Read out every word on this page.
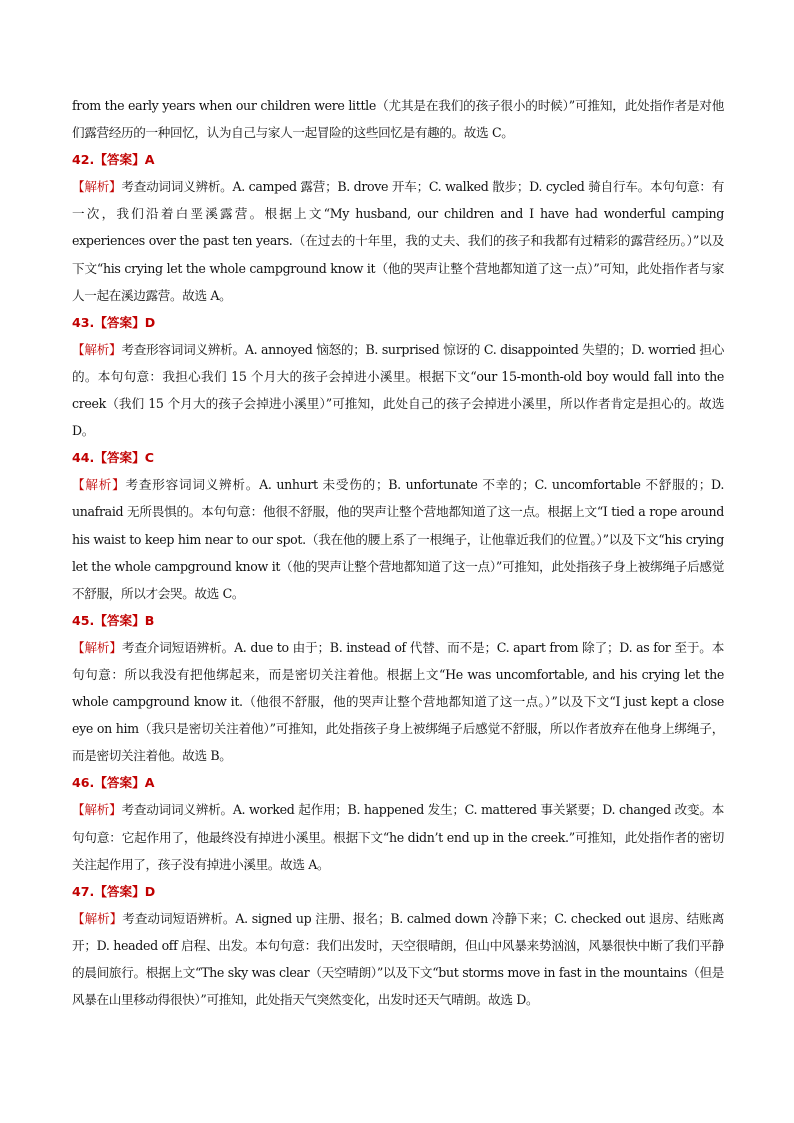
from the early years when our children were little（尤其是在我们的孩子很小的时候）”可推知，此处指作者是对他们露营经历的一种回忆，认为自己与家人一起冒险的这些回忆是有趣的。故选 C。

42.【答案】A

【解析】考查动词词义辨析。A. camped 露营；B. drove 开车；C. walked 散步；D. cycled 骑自行车。本句句意：有一次，我们沿着白垩溪露营。根据上文“My husband, our children and I have had wonderful camping experiences over the past ten years.（在过去的十年里，我的丈夫、我们的孩子和我都有过精彩的露营经历。）”以及下文“his crying let the whole campground know it（他的哭声让整个营地都知道了这一点）”可知，此处指作者与家人一起在溪边露营。故选 A。

43.【答案】D

【解析】考查形容词词义辨析。A. annoyed 恼怒的；B. surprised 惊讶的 C. disappointed 失望的；D. worried 担心的。本句句意：我担心我们 15 个月大的孩子会掉进小溪里。根据下文“our 15-month-old boy would fall into the creek（我们 15 个月大的孩子会掉进小溪里）”可推知，此处自己的孩子会掉进小溪里，所以作者肯定是担心的。故选 D。

44.【答案】C

【解析】考查形容词词义辨析。A. unhurt 未受伤的；B. unfortunate 不幸的；C. uncomfortable 不舒服的；D. unafraid 无所畏惧的。本句句意：他很不舒服，他的哭声让整个营地都知道了这一点。根据上文“I tied a rope around his waist to keep him near to our spot.（我在他的腰上系了一根绳子，让他靠近我们的位置。）”以及下文“his crying let the whole campground know it（他的哭声让整个营地都知道了这一点）”可推知，此处指孩子身上被绑绳子后感觉不舒服，所以才会哭。故选 C。

45.【答案】B

【解析】考查介词短语辨析。A. due to 由于；B. instead of 代替、而不是；C. apart from 除了；D. as for 至于。本句句意：所以我没有把他绑起来，而是密切关注着他。根据上文“He was uncomfortable, and his crying let the whole campground know it.（他很不舒服，他的哭声让整个营地都知道了这一点。）”以及下文“I just kept a close eye on him（我只是密切关注着他）”可推知，此处指孩子身上被绑绳子后感觉不舒服，所以作者放弃在他身上绑绳子，而是密切关注着他。故选 B。

46.【答案】A

【解析】考查动词词义辨析。A. worked 起作用；B. happened 发生；C. mattered 事关紧要；D. changed 改变。本句句意：它起作用了，他最终没有掉进小溪里。根据下文“he didn’t end up in the creek.”可推知，此处指作者的密切关注起作用了，孩子没有掉进小溪里。故选 A。

47.【答案】D

【解析】考查动词短语辨析。A. signed up 注册、报名；B. calmed down 冷静下来；C. checked out 退房、结账离开；D. headed off 启程、出发。本句句意：我们出发时，天空很晴朗，但山中风暴来势汹汹，风暴很快中断了我们平静的晨间旅行。根据上文“The sky was clear（天空晴朗）”以及下文“but storms move in fast in the mountains（但是风暴在山里移动得很快）”可推知，此处指天气突然变化，出发时还天气晴朗。故选 D。
